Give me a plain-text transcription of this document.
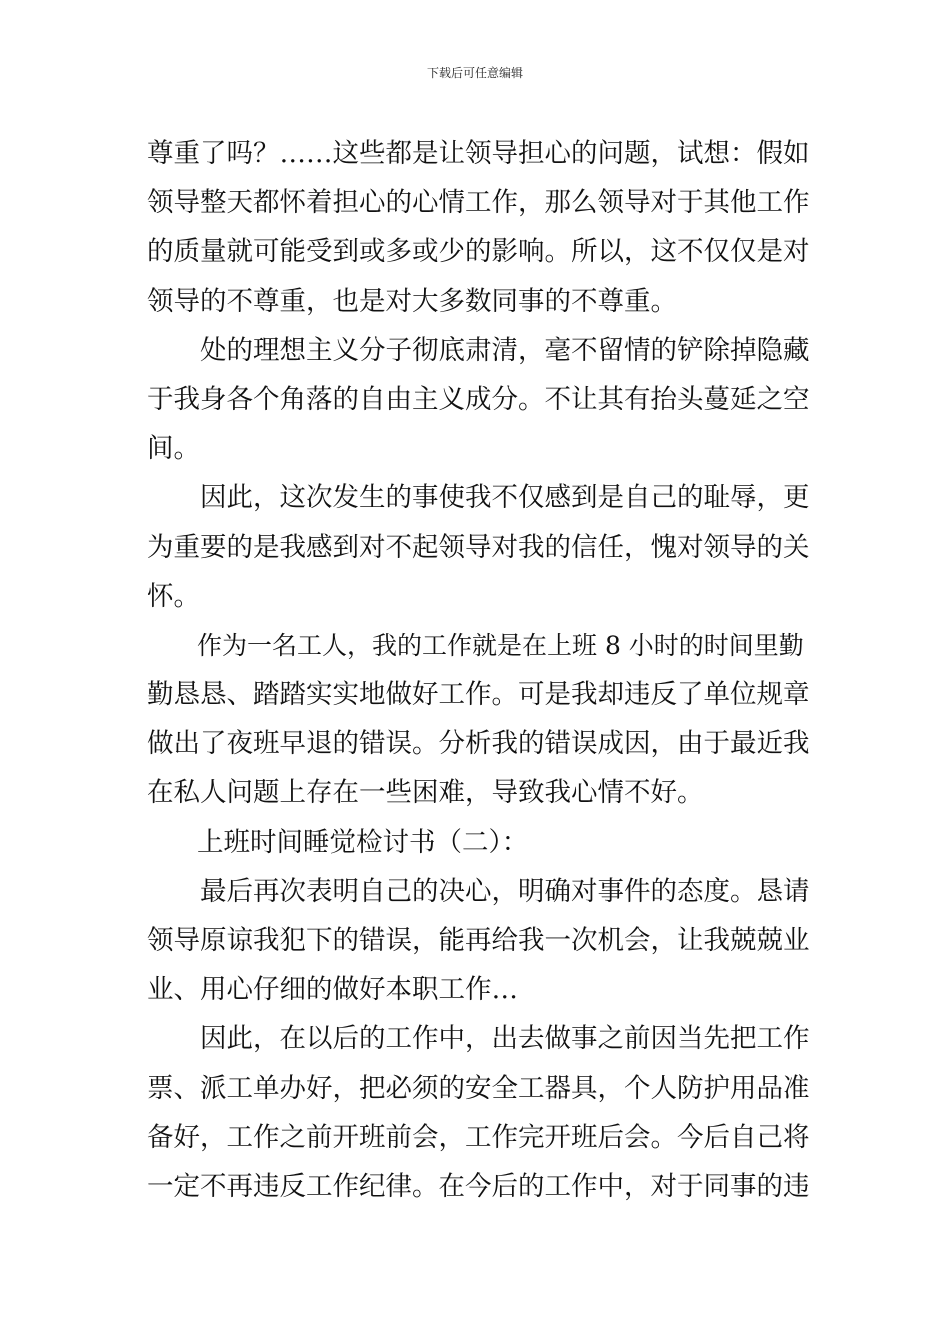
下载后可任意编辑
尊重了吗？……这些都是让领导担心的问题，试想：假如
领导整天都怀着担心的心情工作，那么领导对于其他工作
的质量就可能受到或多或少的影响。所以，这不仅仅是对
领导的不尊重，也是对大多数同事的不尊重。
处的理想主义分子彻底肃清，毫不留情的铲除掉隐藏
于我身各个角落的自由主义成分。不让其有抬头蔓延之空
间。
因此，这次发生的事使我不仅感到是自己的耻辱，更
为重要的是我感到对不起领导对我的信任，愧对领导的关
怀。
作为一名工人，我的工作就是在上班 8 小时的时间里勤
勤恳恳、踏踏实实地做好工作。可是我却违反了单位规章
做出了夜班早退的错误。分析我的错误成因，由于最近我
在私人问题上存在一些困难，导致我心情不好。
上班时间睡觉检讨书（二）：
最后再次表明自己的决心，明确对事件的态度。恳请
领导原谅我犯下的错误，能再给我一次机会，让我兢兢业
业、用心仔细的做好本职工作…
因此，在以后的工作中，出去做事之前因当先把工作
票、派工单办好，把必须的安全工器具，个人防护用品准
备好，工作之前开班前会，工作完开班后会。今后自己将
一定不再违反工作纪律。在今后的工作中，对于同事的违
